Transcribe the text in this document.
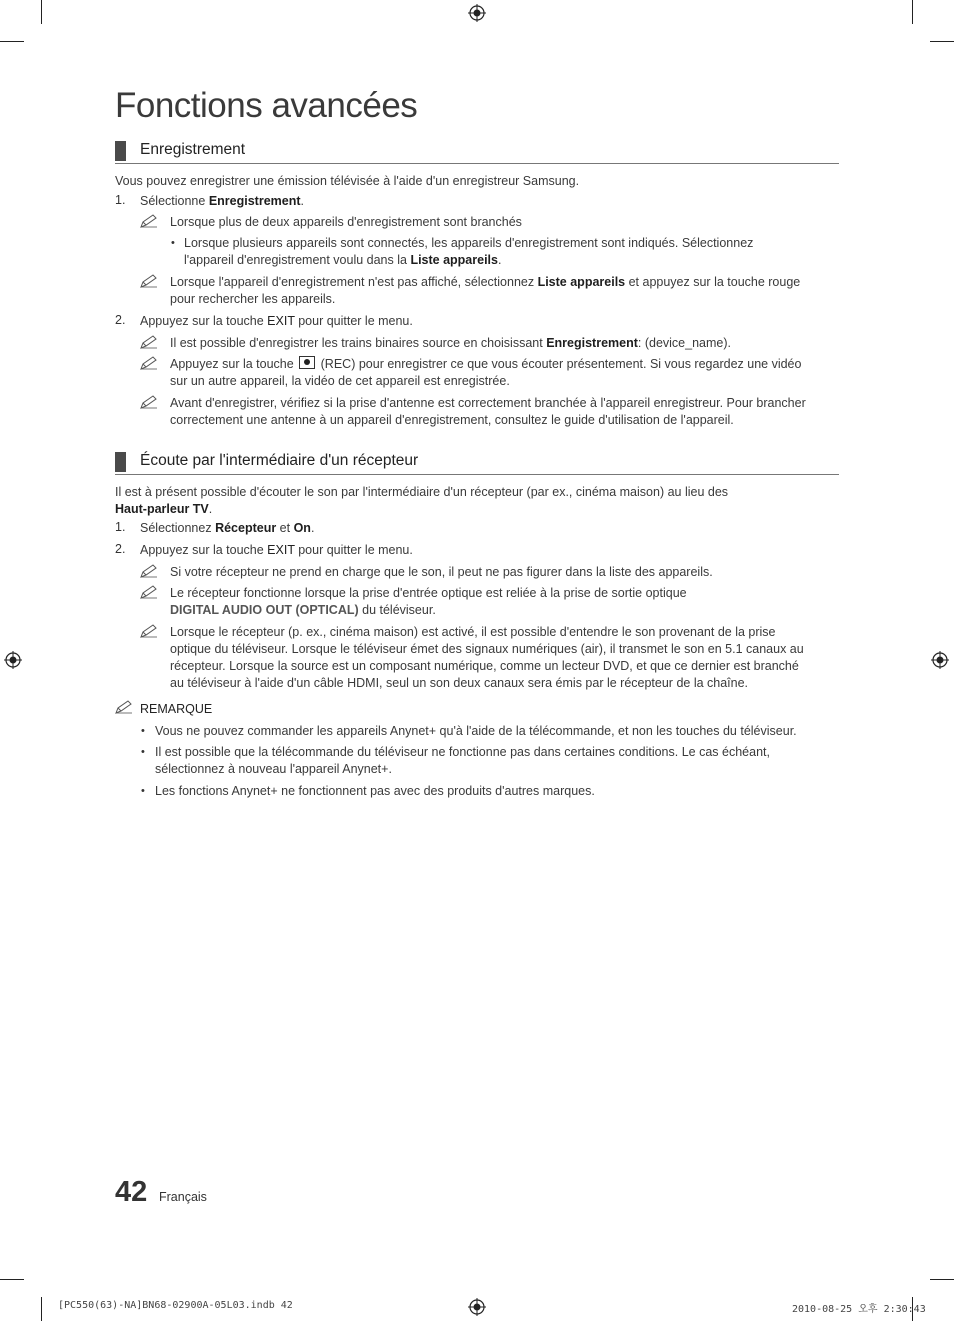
Fonctions avancées
Enregistrement
Vous pouvez enregistrer une émission télévisée à l'aide d'un enregistreur Samsung.
1. Sélectionne Enregistrement.
Lorsque plus de deux appareils d'enregistrement sont branchés
• Lorsque plusieurs appareils sont connectés, les appareils d'enregistrement sont indiqués. Sélectionnez
l'appareil d'enregistrement voulu dans la Liste appareils.
Lorsque l'appareil d'enregistrement n'est pas affiché, sélectionnez Liste appareils et appuyez sur la touche rouge
pour rechercher les appareils.
2. Appuyez sur la touche EXIT pour quitter le menu.
Il est possible d'enregistrer les trains binaires source en choisissant Enregistrement: (device_name).
Appuyez sur la touche  (REC) pour enregistrer ce que vous écouter présentement. Si vous regardez une vidéo
sur un autre appareil, la vidéo de cet appareil est enregistrée.
Avant d'enregistrer, vérifiez si la prise d'antenne est correctement branchée à l'appareil enregistreur. Pour brancher
correctement une antenne à un appareil d'enregistrement, consultez le guide d'utilisation de l'appareil.
Écoute par l'intermédiaire d'un récepteur
Il est à présent possible d'écouter le son par l'intermédiaire d'un récepteur (par ex., cinéma maison) au lieu des
Haut-parleur TV.
1. Sélectionnez Récepteur et On.
2. Appuyez sur la touche EXIT pour quitter le menu.
Si votre récepteur ne prend en charge que le son, il peut ne pas figurer dans la liste des appareils.
Le récepteur fonctionne lorsque la prise d'entrée optique est reliée à la prise de sortie optique
DIGITAL AUDIO OUT (OPTICAL) du téléviseur.
Lorsque le récepteur (p. ex., cinéma maison) est activé, il est possible d'entendre le son provenant de la prise
optique du téléviseur. Lorsque le téléviseur émet des signaux numériques (air), il transmet le son en 5.1 canaux au
récepteur. Lorsque la source est un composant numérique, comme un lecteur DVD, et que ce dernier est branché
au téléviseur à l'aide d'un câble HDMI, seul un son deux canaux sera émis par le récepteur de la chaîne.
REMARQUE
• Vous ne pouvez commander les appareils Anynet+ qu'à l'aide de la télécommande, et non les touches du téléviseur.
• Il est possible que la télécommande du téléviseur ne fonctionne pas dans certaines conditions. Le cas échéant,
sélectionnez à nouveau l'appareil Anynet+.
• Les fonctions Anynet+ ne fonctionnent pas avec des produits d'autres marques.
42 Français
[PC550(63)-NA]BN68-02900A-05L03.indb 42	2010-08-25 오후 2:30:43
